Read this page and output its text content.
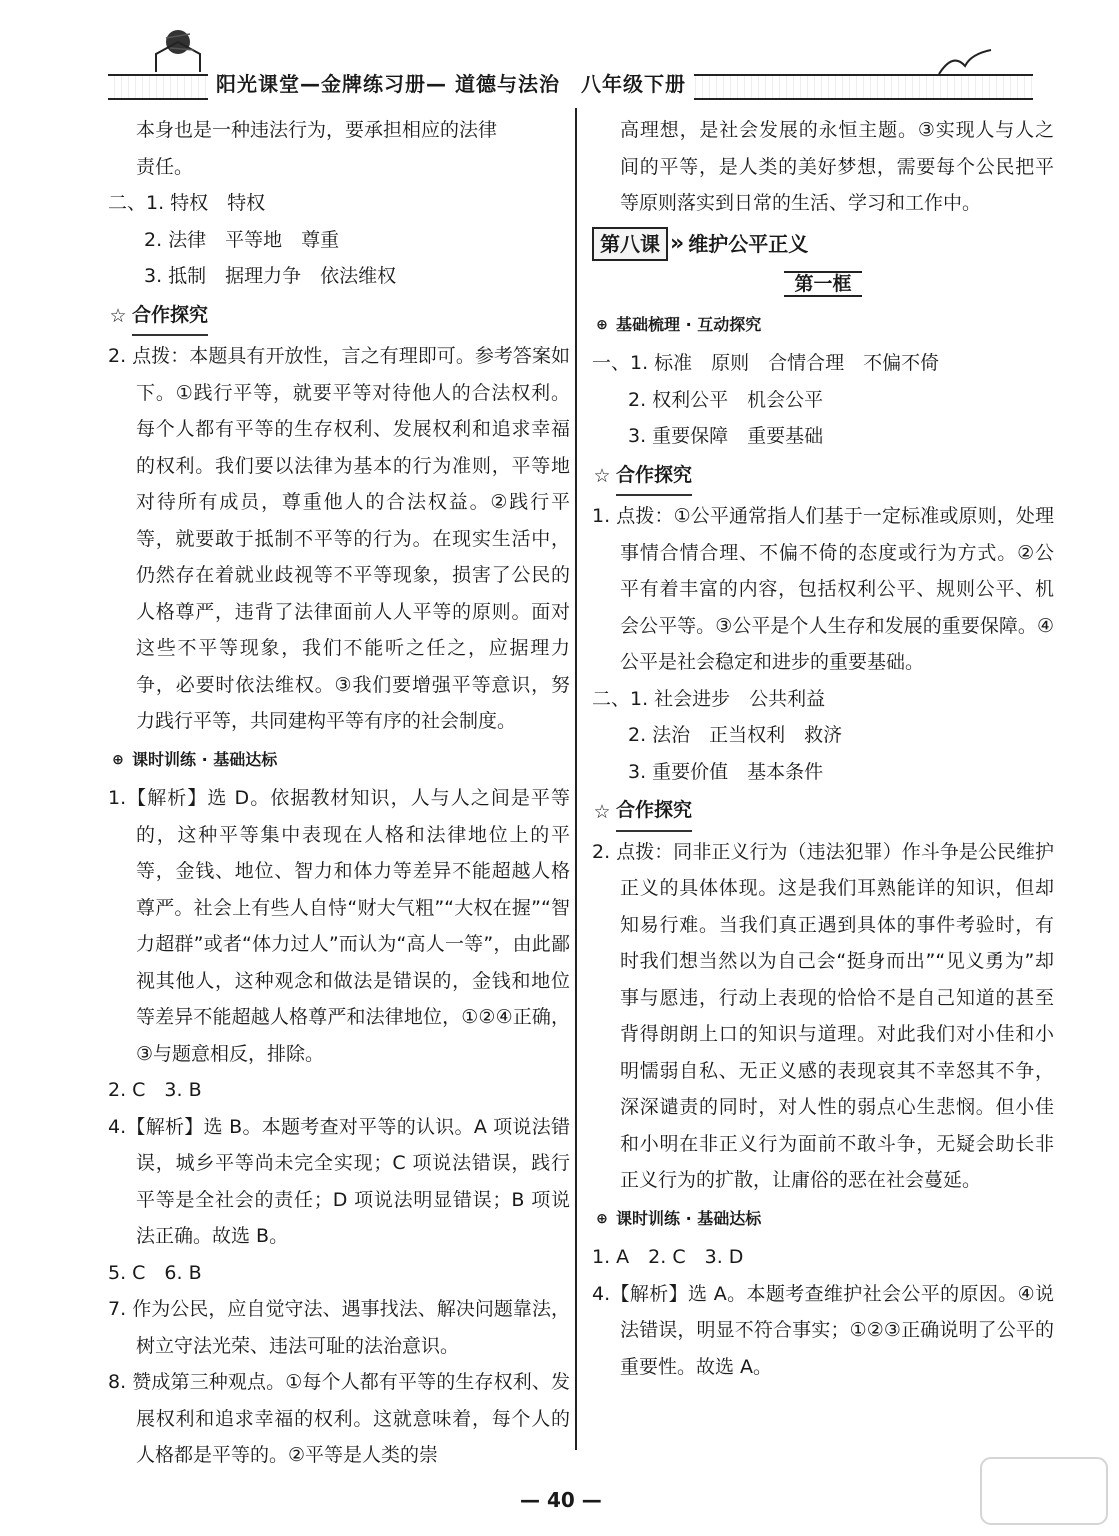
阳光课堂—金牌练习册— 道德与法治　八年级下册
本身也是一种违法行为，要承担相应的法律
责任。
二、1. 特权　特权
2. 法律　平等地　尊重
3. 抵制　据理力争　依法维权
☆ 合作探究
2. 点拨：本题具有开放性，言之有理即可。参考答案如下。①践行平等，就要平等对待他人的合法权利。每个人都有平等的生存权利、发展权利和追求幸福的权利。我们要以法律为基本的行为准则，平等地对待所有成员，尊重他人的合法权益。②践行平等，就要敢于抵制不平等的行为。在现实生活中，仍然存在着就业歧视等不平等现象，损害了公民的人格尊严，违背了法律面前人人平等的原则。面对这些不平等现象，我们不能听之任之，应据理力争，必要时依法维权。③我们要增强平等意识，努力践行平等，共同建构平等有序的社会制度。
⊕ 课时训练 · 基础达标
1.【解析】选 D。依据教材知识，人与人之间是平等的，这种平等集中表现在人格和法律地位上的平等，金钱、地位、智力和体力等差异不能超越人格尊严。社会上有些人自恃“财大气粗”“大权在握”“智力超群”或者“体力过人”而认为“高人一等”，由此鄙视其他人，这种观念和做法是错误的，金钱和地位等差异不能超越人格尊严和法律地位，①②④正确，③与题意相反，排除。
2. C　3. B
4.【解析】选 B。本题考查对平等的认识。A 项说法错误，城乡平等尚未完全实现；C 项说法错误，践行平等是全社会的责任；D 项说法明显错误；B 项说法正确。故选 B。
5. C　6. B
7. 作为公民，应自觉守法、遇事找法、解决问题靠法，树立守法光荣、违法可耻的法治意识。
8. 赞成第三种观点。①每个人都有平等的生存权利、发展权利和追求幸福的权利。这就意味着，每个人的人格都是平等的。②平等是人类的崇
高理想，是社会发展的永恒主题。③实现人与人之间的平等，是人类的美好梦想，需要每个公民把平等原则落实到日常的生活、学习和工作中。
第八课 » 维护公平正义
第一框
⊕ 基础梳理 · 互动探究
一、1. 标准　原则　合情合理　不偏不倚
2. 权利公平　机会公平
3. 重要保障　重要基础
☆ 合作探究
1. 点拨：①公平通常指人们基于一定标准或原则，处理事情合情合理、不偏不倚的态度或行为方式。②公平有着丰富的内容，包括权利公平、规则公平、机会公平等。③公平是个人生存和发展的重要保障。④公平是社会稳定和进步的重要基础。
二、1. 社会进步　公共利益
2. 法治　正当权利　救济
3. 重要价值　基本条件
☆ 合作探究
2. 点拨：同非正义行为（违法犯罪）作斗争是公民维护正义的具体体现。这是我们耳熟能详的知识，但却知易行难。当我们真正遇到具体的事件考验时，有时我们想当然以为自己会“挺身而出”“见义勇为”却事与愿违，行动上表现的恰恰不是自己知道的甚至背得朗朗上口的知识与道理。对此我们对小佳和小明懦弱自私、无正义感的表现哀其不幸怒其不争，深深谴责的同时，对人性的弱点心生悲悯。但小佳和小明在非正义行为面前不敢斗争，无疑会助长非正义行为的扩散，让庸俗的恶在社会蔓延。
⊕ 课时训练 · 基础达标
1. A　2. C　3. D
4.【解析】选 A。本题考查维护社会公平的原因。④说法错误，明显不符合事实；①②③正确说明了公平的重要性。故选 A。
— 40 —
